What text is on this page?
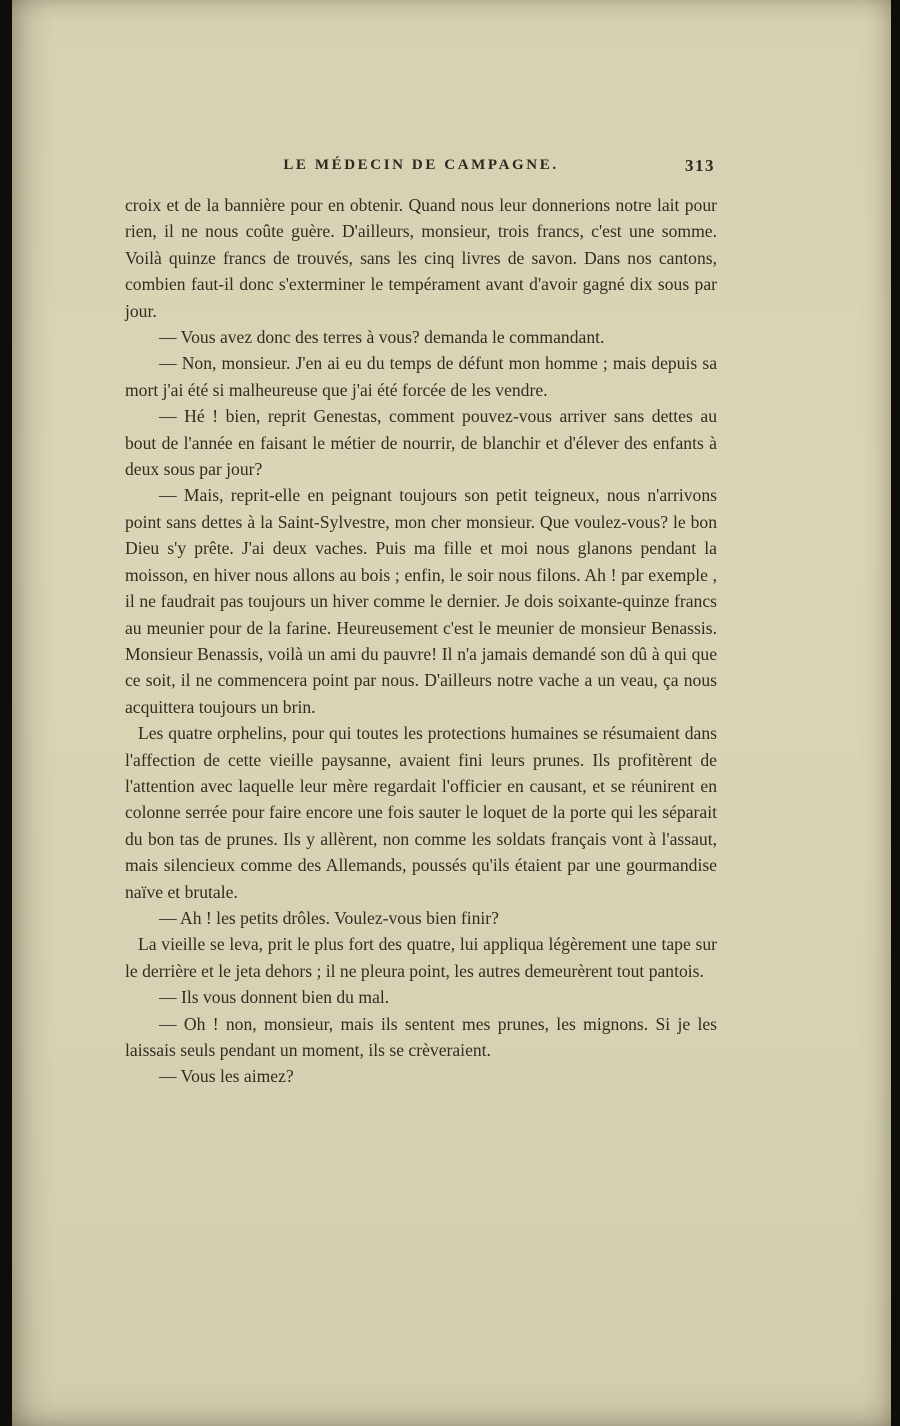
LE MÉDECIN DE CAMPAGNE.	313

croix et de la bannière pour en obtenir. Quand nous leur donnerions notre lait pour rien, il ne nous coûte guère. D'ailleurs, monsieur, trois francs, c'est une somme. Voilà quinze francs de trouvés, sans les cinq livres de savon. Dans nos cantons, combien faut-il donc s'exterminer le tempérament avant d'avoir gagné dix sous par jour.

— Vous avez donc des terres à vous? demanda le commandant.

— Non, monsieur. J'en ai eu du temps de défunt mon homme ; mais depuis sa mort j'ai été si malheureuse que j'ai été forcée de les vendre.

— Hé ! bien, reprit Genestas, comment pouvez-vous arriver sans dettes au bout de l'année en faisant le métier de nourrir, de blanchir et d'élever des enfants à deux sous par jour?

— Mais, reprit-elle en peignant toujours son petit teigneux, nous n'arrivons point sans dettes à la Saint-Sylvestre, mon cher monsieur. Que voulez-vous? le bon Dieu s'y prête. J'ai deux vaches. Puis ma fille et moi nous glanons pendant la moisson, en hiver nous allons au bois ; enfin, le soir nous filons. Ah ! par exemple , il ne faudrait pas toujours un hiver comme le dernier. Je dois soixante-quinze francs au meunier pour de la farine. Heureusement c'est le meunier de monsieur Benassis. Monsieur Benassis, voilà un ami du pauvre! Il n'a jamais demandé son dû à qui que ce soit, il ne commencera point par nous. D'ailleurs notre vache a un veau, ça nous acquittera toujours un brin.

Les quatre orphelins, pour qui toutes les protections humaines se résumaient dans l'affection de cette vieille paysanne, avaient fini leurs prunes. Ils profitèrent de l'attention avec laquelle leur mère regardait l'officier en causant, et se réunirent en colonne serrée pour faire encore une fois sauter le loquet de la porte qui les séparait du bon tas de prunes. Ils y allèrent, non comme les soldats français vont à l'assaut, mais silencieux comme des Allemands, poussés qu'ils étaient par une gourmandise naïve et brutale.

— Ah ! les petits drôles. Voulez-vous bien finir?

La vieille se leva, prit le plus fort des quatre, lui appliqua légèrement une tape sur le derrière et le jeta dehors ; il ne pleura point, les autres demeurèrent tout pantois.

— Ils vous donnent bien du mal.

— Oh ! non, monsieur, mais ils sentent mes prunes, les mignons. Si je les laissais seuls pendant un moment, ils se crèveraient.

— Vous les aimez?
